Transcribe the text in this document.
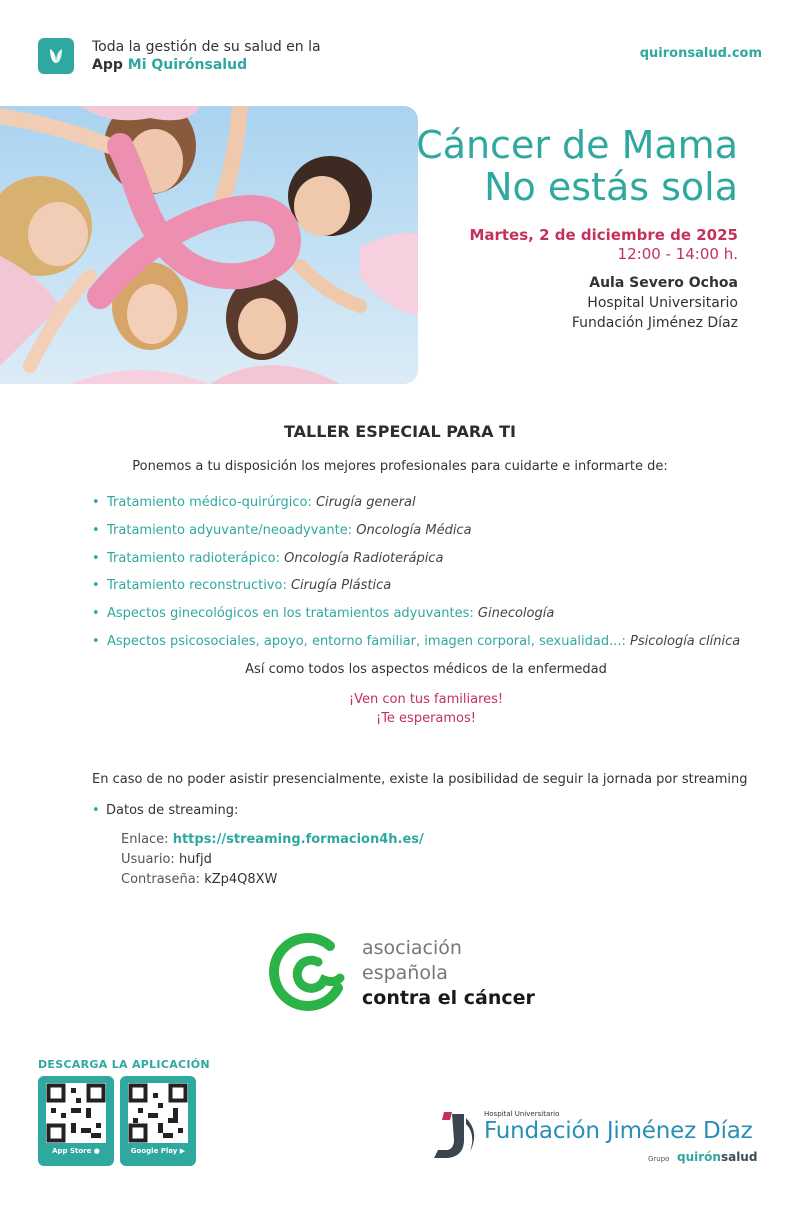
Toda la gestión de su salud en la
App Mi Quirónsalud
quironsalud.com
Cáncer de Mama
No estás sola
Martes, 2 de diciembre de 2025
12:00 - 14:00 h.
Aula Severo Ochoa
Hospital Universitario
Fundación Jiménez Díaz
TALLER ESPECIAL PARA TI
Ponemos a tu disposición los mejores profesionales para cuidarte e informarte de:
• Tratamiento médico-quirúrgico: Cirugía general
• Tratamiento adyuvante/neoadyvante: Oncología Médica
• Tratamiento radioterápico: Oncología Radioterápica
• Tratamiento reconstructivo: Cirugía Plástica
• Aspectos ginecológicos en los tratamientos adyuvantes: Ginecología
• Aspectos psicosociales, apoyo, entorno familiar, imagen corporal, sexualidad...: Psicología clínica
Así como todos los aspectos médicos de la enfermedad
¡Ven con tus familiares!
¡Te esperamos!
En caso de no poder asistir presencialmente, existe la posibilidad de seguir la jornada por streaming
• Datos de streaming:
Enlace: https://streaming.formacion4h.es/
Usuario: hufjd
Contraseña: kZp4Q8XW
asociación
española
contra el cáncer
DESCARGA LA APLICACIÓN
App Store ●	Google Play ▶
Hospital Universitario
Fundación Jiménez Díaz
Grupo quirónsalud
